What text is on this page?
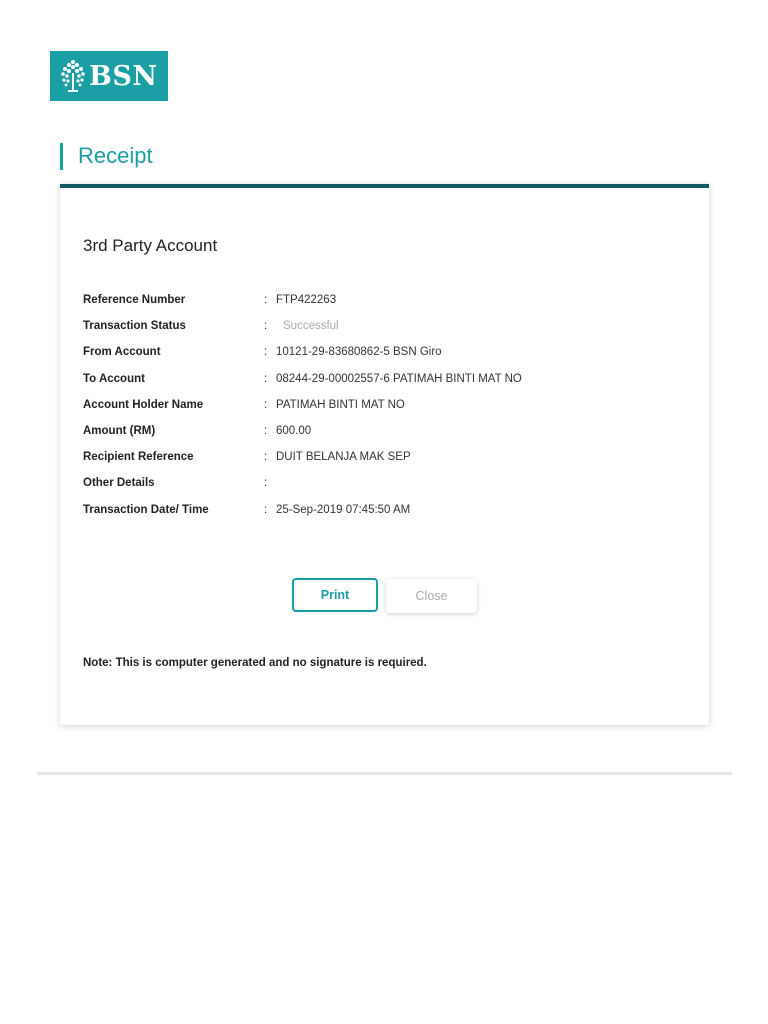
BSN
Receipt
3rd Party Account
Reference Number	: FTP422263
Transaction Status	:	Successful
From Account	: 10121-29-83680862-5 BSN Giro
To Account	: 08244-29-00002557-6 PATIMAH BINTI MAT NO
Account Holder Name	: PATIMAH BINTI MAT NO
Amount (RM)	: 600.00
Recipient Reference	: DUIT BELANJA MAK SEP
Other Details	:
Transaction Date/ Time	: 25-Sep-2019 07:45:50 AM
Print	Close
Note: This is computer generated and no signature is required.
